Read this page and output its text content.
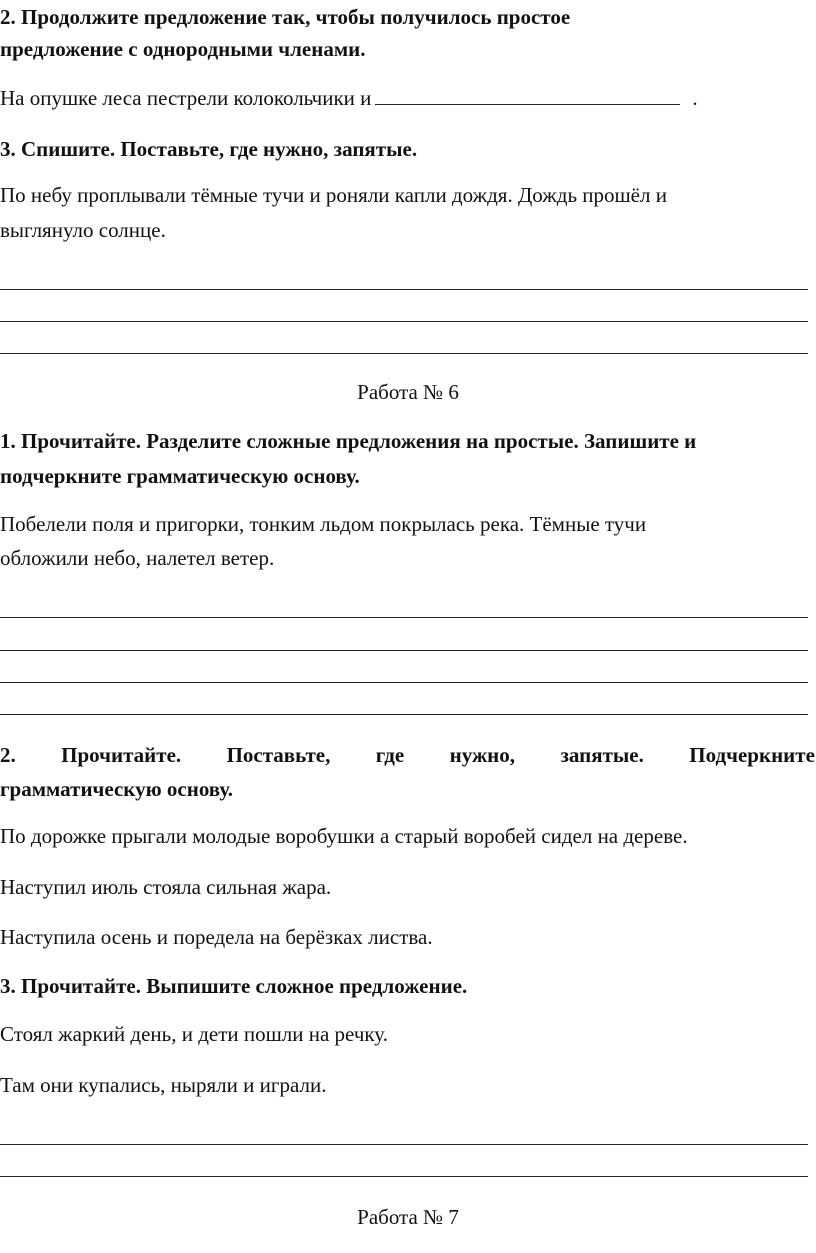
2. Продолжите предложение так, чтобы получилось простое

предложение с однородными членами.

На опушке леса пестрели колокольчики и	.

3. Спишите. Поставьте, где нужно, запятые.

По небу проплывали тёмные тучи и роняли капли дождя. Дождь прошёл и

выглянуло солнце.

Работа № 6

1. Прочитайте. Разделите сложные предложения на простые. Запишите и

подчеркните грамматическую основу.

Побелели поля и пригорки, тонким льдом покрылась река. Тёмные тучи

обложили небо, налетел ветер.

2. Прочитайте. Поставьте, где нужно, запятые. Подчеркните

грамматическую основу.

По дорожке прыгали молодые воробушки а старый воробей сидел на дереве.

Наступил июль стояла сильная жара.

Наступила осень и поредела на берёзках листва.

3. Прочитайте. Выпишите сложное предложение.

Стоял жаркий день, и дети пошли на речку.

Там они купались, ныряли и играли.

Работа № 7
